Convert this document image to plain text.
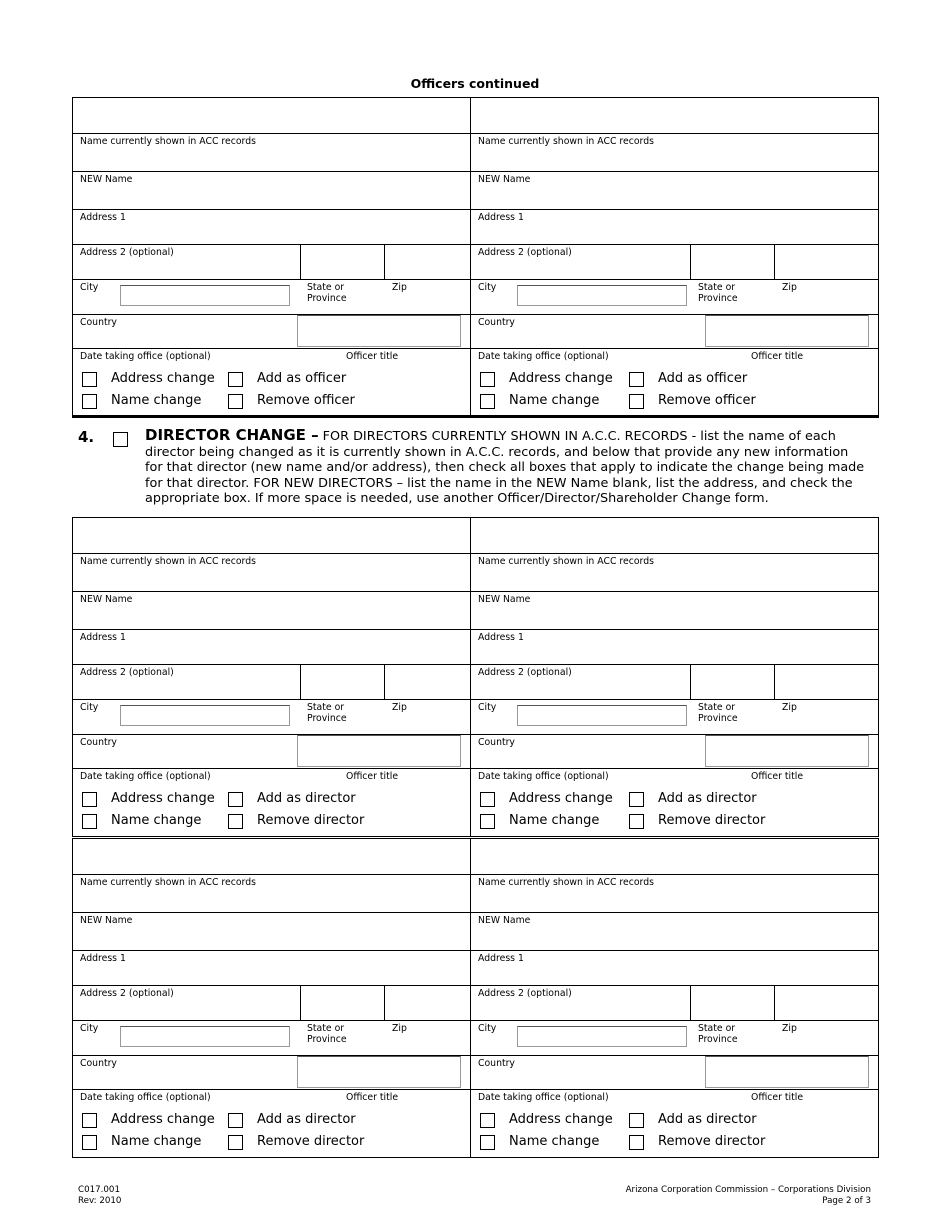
Officers continued
Name currently shown in ACC records
NEW Name
Address 1
Address 2 (optional)
City	State or Province
Zip
Country
Date taking office (optional)	Officer title
Address change	Add as officer
Name change	Remove officer
Name currently shown in ACC records
NEW Name
Address 1
Address 2 (optional)
City	State or Province
Zip
Country
Date taking office (optional)	Officer title
Address change	Add as officer
Name change	Remove officer
Name currently shown in ACC records
NEW Name
Address 1
Address 2 (optional)
City	State or Province
Zip
Country
Date taking office (optional)	Officer title
Address change	Add as director
Name change	Remove director
Name currently shown in ACC records
NEW Name
Address 1
Address 2 (optional)
City	State or Province
Zip
Country
Date taking office (optional)	Officer title
Address change	Add as director
Name change	Remove director
Name currently shown in ACC records
NEW Name
Address 1
Address 2 (optional)
City	State or Province
Zip
Country
Date taking office (optional)	Officer title
Address change	Add as director
Name change	Remove director
Name currently shown in ACC records
NEW Name
Address 1
Address 2 (optional)
City	State or Province
Zip
Country
Date taking office (optional)	Officer title
Address change	Add as director
Name change	Remove director
4.	DIRECTOR CHANGE – FOR DIRECTORS CURRENTLY SHOWN IN A.C.C. RECORDS - list the name of each director being changed as it is currently shown in A.C.C. records, and below that provide any new information for that director (new name and/or address), then check all boxes that apply to indicate the change being made for that director. FOR NEW DIRECTORS – list the name in the NEW Name blank, list the address, and check the appropriate box. If more space is needed, use another Officer/Director/Shareholder Change form.
C017.001
Rev: 2010
Arizona Corporation Commission – Corporations Division
Page 2 of 3
